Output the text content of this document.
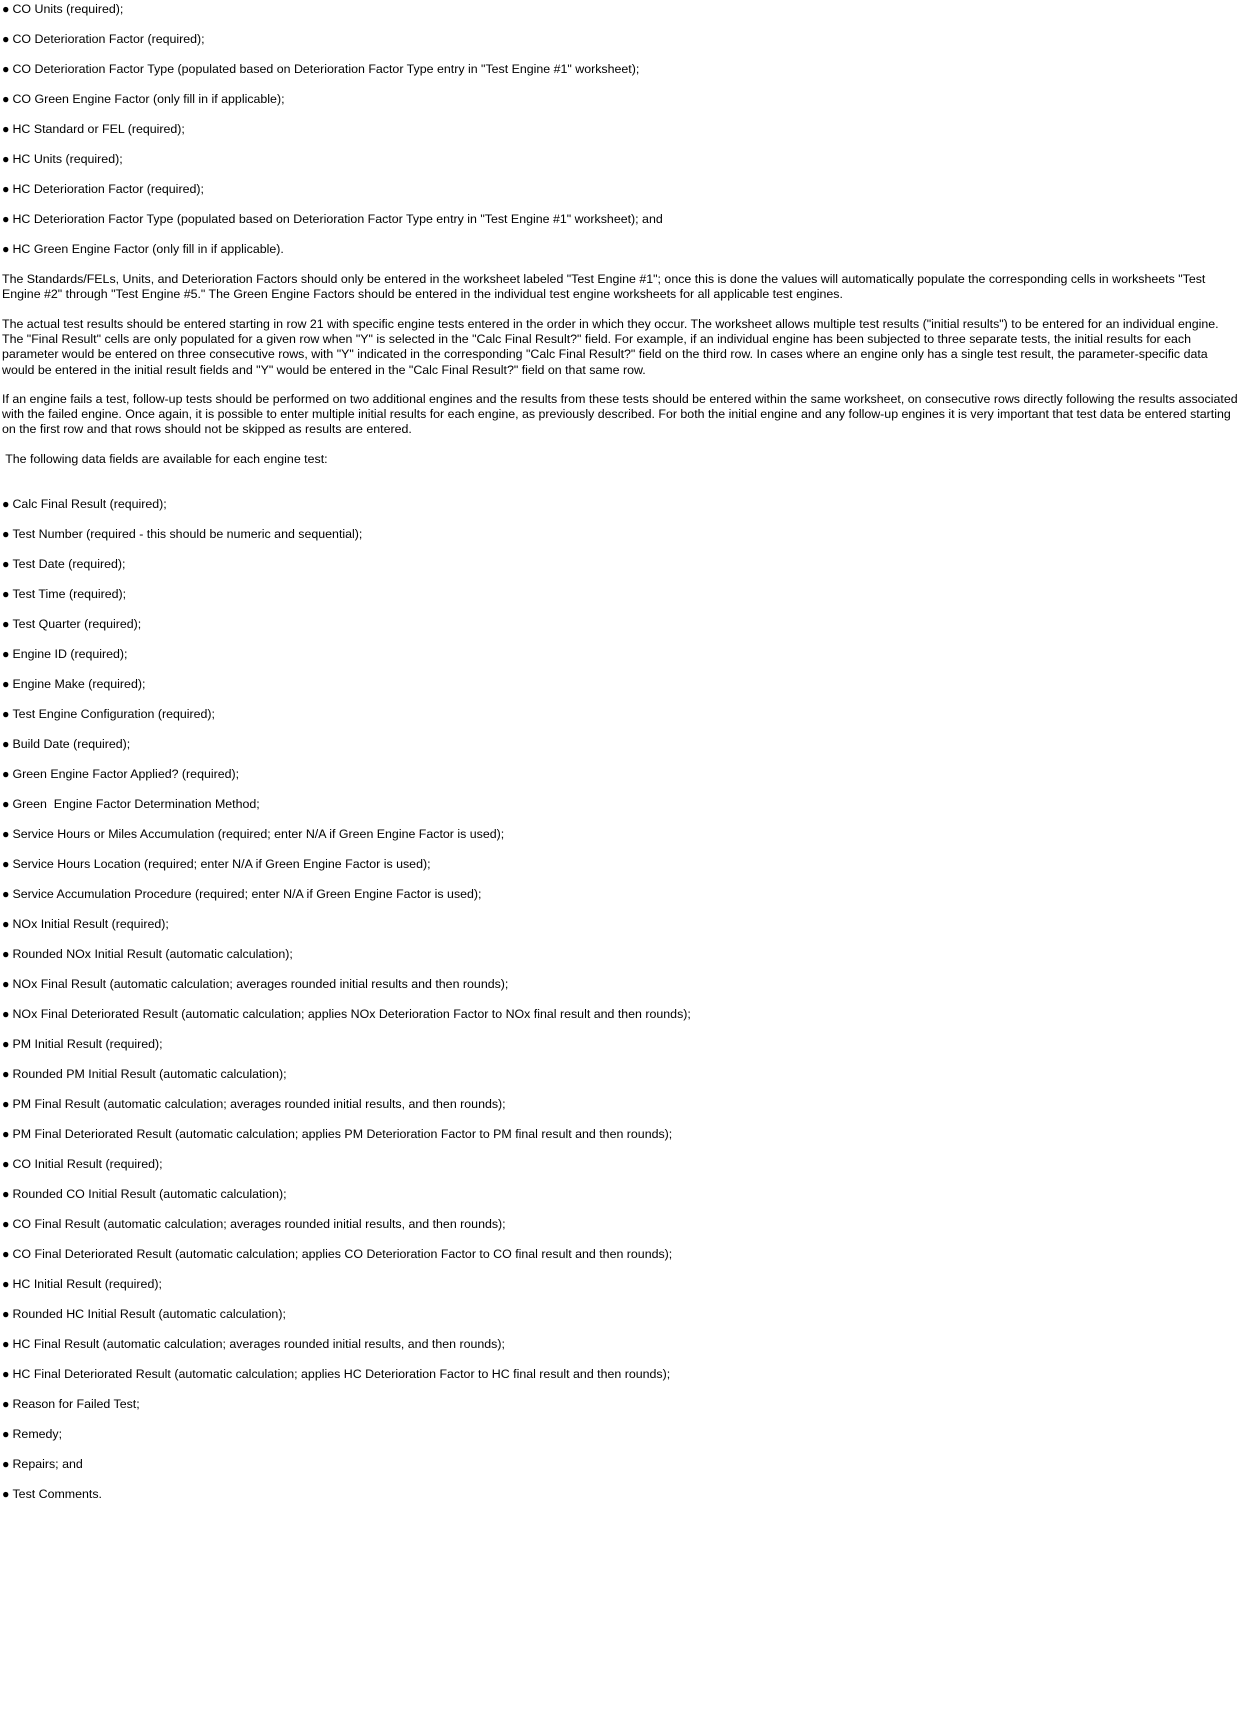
● CO Units (required);
● CO Deterioration Factor (required);
● CO Deterioration Factor Type (populated based on Deterioration Factor Type entry in "Test Engine #1" worksheet);
● CO Green Engine Factor (only fill in if applicable);
● HC Standard or FEL (required);
● HC Units (required);
● HC Deterioration Factor (required);
● HC Deterioration Factor Type (populated based on Deterioration Factor Type entry in "Test Engine #1" worksheet); and
● HC Green Engine Factor (only fill in if applicable).
The Standards/FELs, Units, and Deterioration Factors should only be entered in the worksheet labeled "Test Engine #1"; once this is done the values will automatically populate the corresponding cells in worksheets "Test Engine #2" through "Test Engine #5." The Green Engine Factors should be entered in the individual test engine worksheets for all applicable test engines.
The actual test results should be entered starting in row 21 with specific engine tests entered in the order in which they occur. The worksheet allows multiple test results ("initial results") to be entered for an individual engine. The "Final Result" cells are only populated for a given row when "Y" is selected in the "Calc Final Result?" field. For example, if an individual engine has been subjected to three separate tests, the initial results for each parameter would be entered on three consecutive rows, with "Y" indicated in the corresponding "Calc Final Result?" field on the third row. In cases where an engine only has a single test result, the parameter-specific data would be entered in the initial result fields and "Y" would be entered in the "Calc Final Result?" field on that same row.
If an engine fails a test, follow-up tests should be performed on two additional engines and the results from these tests should be entered within the same worksheet, on consecutive rows directly following the results associated with the failed engine. Once again, it is possible to enter multiple initial results for each engine, as previously described. For both the initial engine and any follow-up engines it is very important that test data be entered starting on the first row and that rows should not be skipped as results are entered.
The following data fields are available for each engine test:
● Calc Final Result (required);
● Test Number (required - this should be numeric and sequential);
● Test Date (required);
● Test Time (required);
● Test Quarter (required);
● Engine ID (required);
● Engine Make (required);
● Test Engine Configuration (required);
● Build Date (required);
● Green Engine Factor Applied? (required);
● Green  Engine Factor Determination Method;
● Service Hours or Miles Accumulation (required; enter N/A if Green Engine Factor is used);
● Service Hours Location (required; enter N/A if Green Engine Factor is used);
● Service Accumulation Procedure (required; enter N/A if Green Engine Factor is used);
● NOx Initial Result (required);
● Rounded NOx Initial Result (automatic calculation);
● NOx Final Result (automatic calculation; averages rounded initial results and then rounds);
● NOx Final Deteriorated Result (automatic calculation; applies NOx Deterioration Factor to NOx final result and then rounds);
● PM Initial Result (required);
● Rounded PM Initial Result (automatic calculation);
● PM Final Result (automatic calculation; averages rounded initial results, and then rounds);
● PM Final Deteriorated Result (automatic calculation; applies PM Deterioration Factor to PM final result and then rounds);
● CO Initial Result (required);
● Rounded CO Initial Result (automatic calculation);
● CO Final Result (automatic calculation; averages rounded initial results, and then rounds);
● CO Final Deteriorated Result (automatic calculation; applies CO Deterioration Factor to CO final result and then rounds);
● HC Initial Result (required);
● Rounded HC Initial Result (automatic calculation);
● HC Final Result (automatic calculation; averages rounded initial results, and then rounds);
● HC Final Deteriorated Result (automatic calculation; applies HC Deterioration Factor to HC final result and then rounds);
● Reason for Failed Test;
● Remedy;
● Repairs; and
● Test Comments.
